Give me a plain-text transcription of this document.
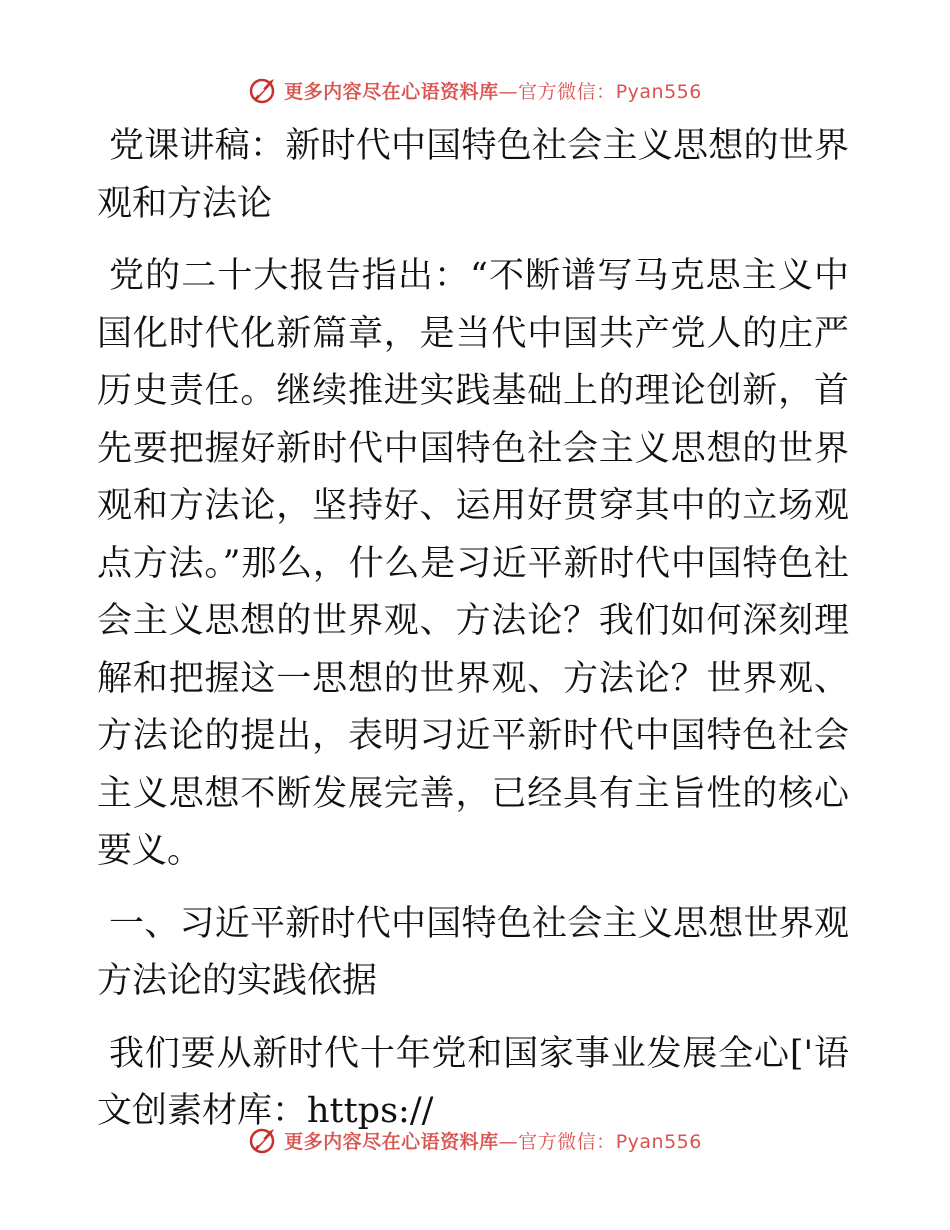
更多内容尽在心语资料库—官方微信：Pyan556

党课讲稿：新时代中国特色社会主义思想的世界观和方法论

党的二十大报告指出：“不断谱写马克思主义中国化时代化新篇章，是当代中国共产党人的庄严历史责任。继续推进实践基础上的理论创新，首先要把握好新时代中国特色社会主义思想的世界观和方法论，坚持好、运用好贯穿其中的立场观点方法。”那么，什么是习近平新时代中国特色社会主义思想的世界观、方法论？我们如何深刻理解和把握这一思想的世界观、方法论？世界观、方法论的提出，表明习近平新时代中国特色社会主义思想不断发展完善，已经具有主旨性的核心要义。

一、习近平新时代中国特色社会主义思想世界观方法论的实践依据

我们要从新时代十年党和国家事业发展全心['语文创素材库：https://

更多内容尽在心语资料库—官方微信：Pyan556
